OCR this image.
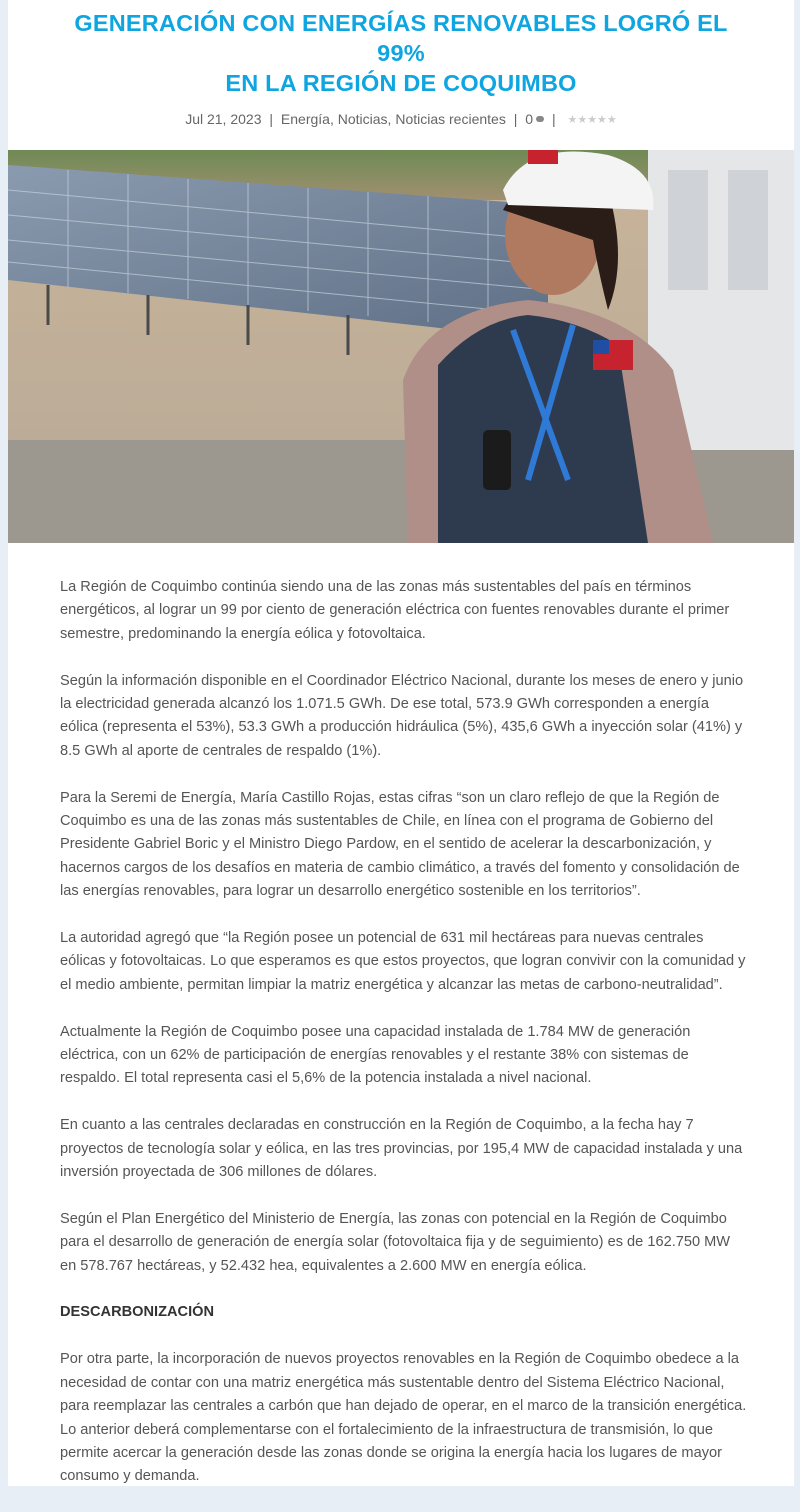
GENERACIÓN CON ENERGÍAS RENOVABLES LOGRÓ EL 99%
EN LA REGIÓN DE COQUIMBO
Jul 21, 2023 | Energía, Noticias, Noticias recientes | 0 | ★★★★★

La Región de Coquimbo continúa siendo una de las zonas más sustentables del país en términos energéticos, al lograr un 99 por ciento de generación eléctrica con fuentes renovables durante el primer semestre, predominando la energía eólica y fotovoltaica.

Según la información disponible en el Coordinador Eléctrico Nacional, durante los meses de enero y junio la electricidad generada alcanzó los 1.071.5 GWh. De ese total, 573.9 GWh corresponden a energía eólica (representa el 53%), 53.3 GWh a producción hidráulica (5%), 435,6 GWh a inyección solar (41%) y 8.5 GWh al aporte de centrales de respaldo (1%).

Para la Seremi de Energía, María Castillo Rojas, estas cifras “son un claro reflejo de que la Región de Coquimbo es una de las zonas más sustentables de Chile, en línea con el programa de Gobierno del Presidente Gabriel Boric y el Ministro Diego Pardow, en el sentido de acelerar la descarbonización, y hacernos cargos de los desafíos en materia de cambio climático, a través del fomento y consolidación de las energías renovables, para lograr un desarrollo energético sostenible en los territorios”.

La autoridad agregó que “la Región posee un potencial de 631 mil hectáreas para nuevas centrales eólicas y fotovoltaicas. Lo que esperamos es que estos proyectos, que logran convivir con la comunidad y el medio ambiente, permitan limpiar la matriz energética y alcanzar las metas de carbono-neutralidad”.

Actualmente la Región de Coquimbo posee una capacidad instalada de 1.784 MW de generación eléctrica, con un 62% de participación de energías renovables y el restante 38% con sistemas de respaldo. El total representa casi el 5,6% de la potencia instalada a nivel nacional.

En cuanto a las centrales declaradas en construcción en la Región de Coquimbo, a la fecha hay 7 proyectos de tecnología solar y eólica, en las tres provincias, por 195,4 MW de capacidad instalada y una inversión proyectada de 306 millones de dólares.

Según el Plan Energético del Ministerio de Energía, las zonas con potencial en la Región de Coquimbo para el desarrollo de generación de energía solar (fotovoltaica fija y de seguimiento) es de 162.750 MW en 578.767 hectáreas, y 52.432 hea, equivalentes a 2.600 MW en energía eólica.

DESCARBONIZACIÓN

Por otra parte, la incorporación de nuevos proyectos renovables en la Región de Coquimbo obedece a la necesidad de contar con una matriz energética más sustentable dentro del Sistema Eléctrico Nacional, para reemplazar las centrales a carbón que han dejado de operar, en el marco de la transición energética. Lo anterior deberá complementarse con el fortalecimiento de la infraestructura de transmisión, lo que permite acercar la generación desde las zonas donde se origina la energía hacia los lugares de mayor consumo y demanda.
